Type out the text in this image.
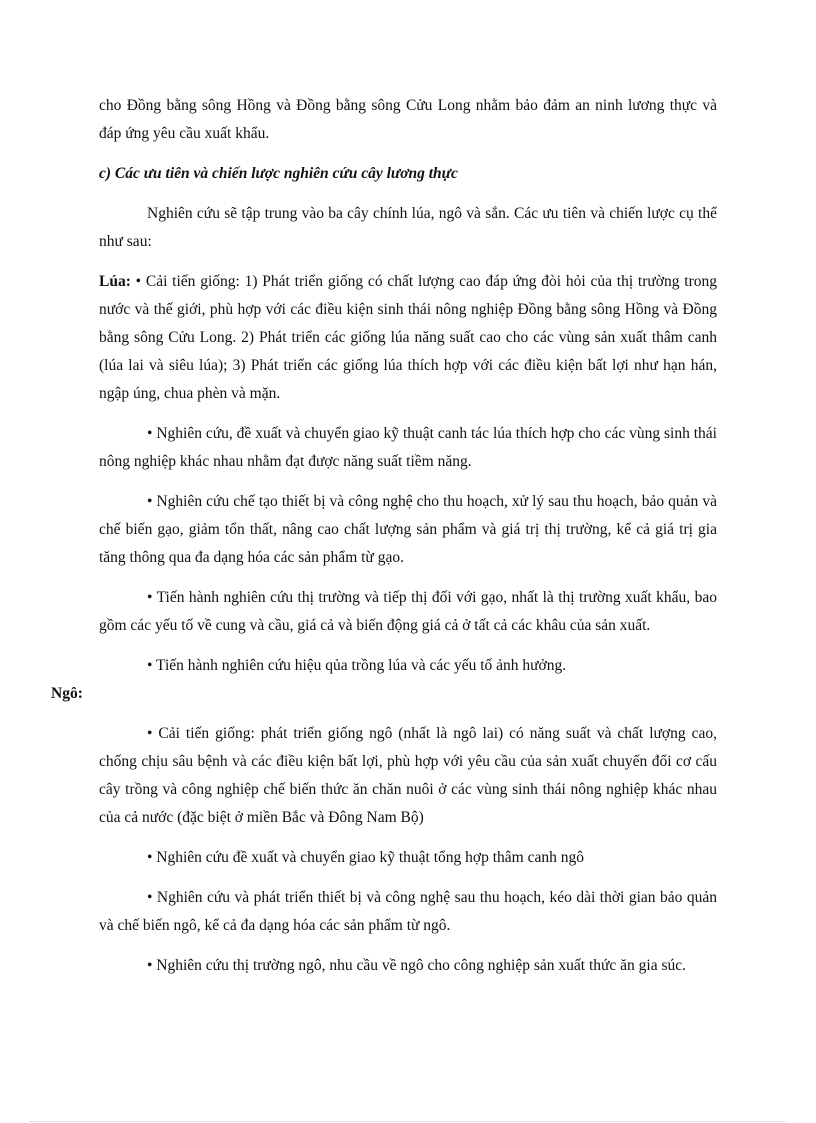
cho Đồng bằng sông Hồng và Đồng bằng sông Cửu Long nhằm bảo đảm an ninh lương thực và đáp ứng yêu cầu xuất khẩu.

c) Các ưu tiên và chiến lược nghiên cứu cây lương thực

Nghiên cứu sẽ tập trung vào ba cây chính lúa, ngô và sắn. Các ưu tiên và chiến lược cụ thể như sau:

Lúa: • Cải tiến giống: 1) Phát triển giống có chất lượng cao đáp ứng đòi hỏi của thị trường trong nước và thế giới, phù hợp với các điều kiện sinh thái nông nghiệp Đồng bằng sông Hồng và Đồng bằng sông Cửu Long. 2) Phát triển các giống lúa năng suất cao cho các vùng sản xuất thâm canh (lúa lai và siêu lúa); 3) Phát triển các giống lúa thích hợp với các điều kiện bất lợi như hạn hán, ngập úng, chua phèn và mặn.

• Nghiên cứu, đề xuất và chuyển giao kỹ thuật canh tác lúa thích hợp cho các vùng sinh thái nông nghiệp khác nhau nhằm đạt được năng suất tiềm năng.

• Nghiên cứu chế tạo thiết bị và công nghệ cho thu hoạch, xử lý sau thu hoạch, bảo quản và chế biến gạo, giảm tổn thất, nâng cao chất lượng sản phẩm và giá trị thị trường, kể cả giá trị gia tăng thông qua đa dạng hóa các sản phẩm từ gạo.

• Tiến hành nghiên cứu thị trường và tiếp thị đối với gạo, nhất là thị trường xuất khẩu, bao gồm các yếu tố về cung và cầu, giá cả và biến động giá cả ở tất cả các khâu của sản xuất.

• Tiến hành nghiên cứu hiệu qủa trồng lúa và các yếu tố ảnh hưởng.
Ngô:

• Cải tiến giống: phát triển giống ngô (nhất là ngô lai) có năng suất và chất lượng cao, chống chịu sâu bệnh và các điều kiện bất lợi, phù hợp với yêu cầu của sản xuất chuyển đổi cơ cấu cây trồng và công nghiệp chế biến thức ăn chăn nuôi ở các vùng sinh thái nông nghiệp khác nhau của cả nước (đặc biệt ở miền Bắc và Đông Nam Bộ)

• Nghiên cứu đề xuất và chuyển giao kỹ thuật tổng hợp thâm canh ngô

• Nghiên cứu và phát triển thiết bị và công nghệ sau thu hoạch, kéo dài thời gian bảo quản và chế biến ngô, kể cả đa dạng hóa các sản phẩm từ ngô.

• Nghiên cứu thị trường ngô, nhu cầu về ngô cho công nghiệp sản xuất thức ăn gia súc.
